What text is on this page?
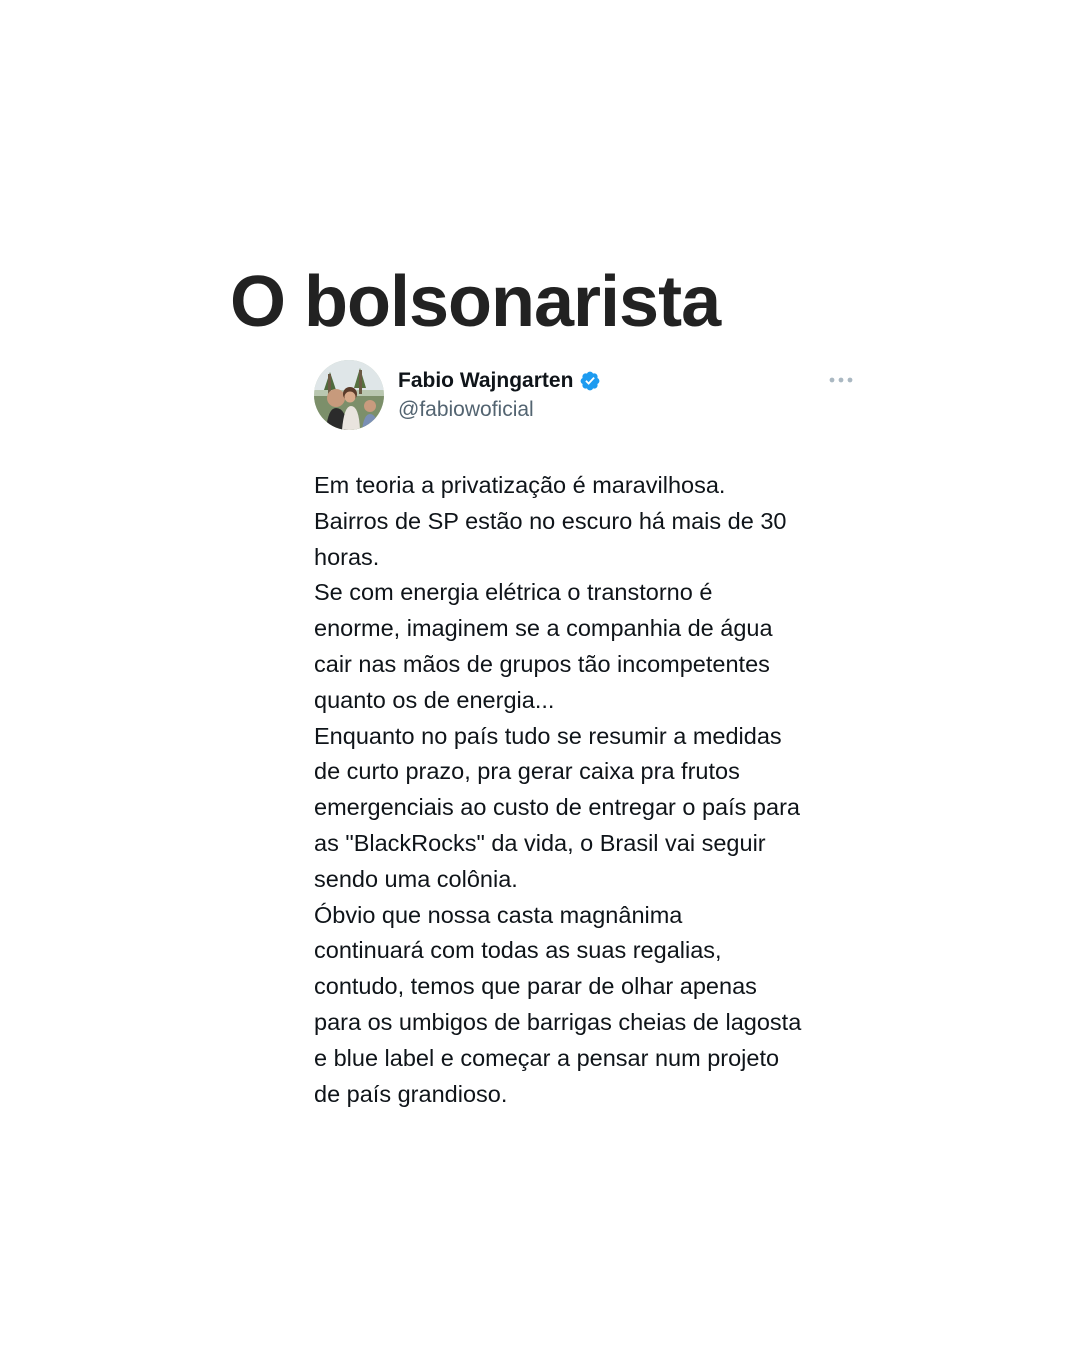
O bolsonarista
Fabio Wajngarten
@fabiowoficial
Em teoria a privatização é maravilhosa.
Bairros de SP estão no escuro há mais de 30
horas.
Se com energia elétrica o transtorno é
enorme, imaginem se a companhia de água
cair nas mãos de grupos tão incompetentes
quanto os de energia...
Enquanto no país tudo se resumir a medidas
de curto prazo, pra gerar caixa pra frutos
emergenciais ao custo de entregar o país para
as "BlackRocks" da vida, o Brasil vai seguir
sendo uma colônia.
Óbvio que nossa casta magnânima
continuará com todas as suas regalias,
contudo, temos que parar de olhar apenas
para os umbigos de barrigas cheias de lagosta
e blue label e começar a pensar num projeto
de país grandioso.
